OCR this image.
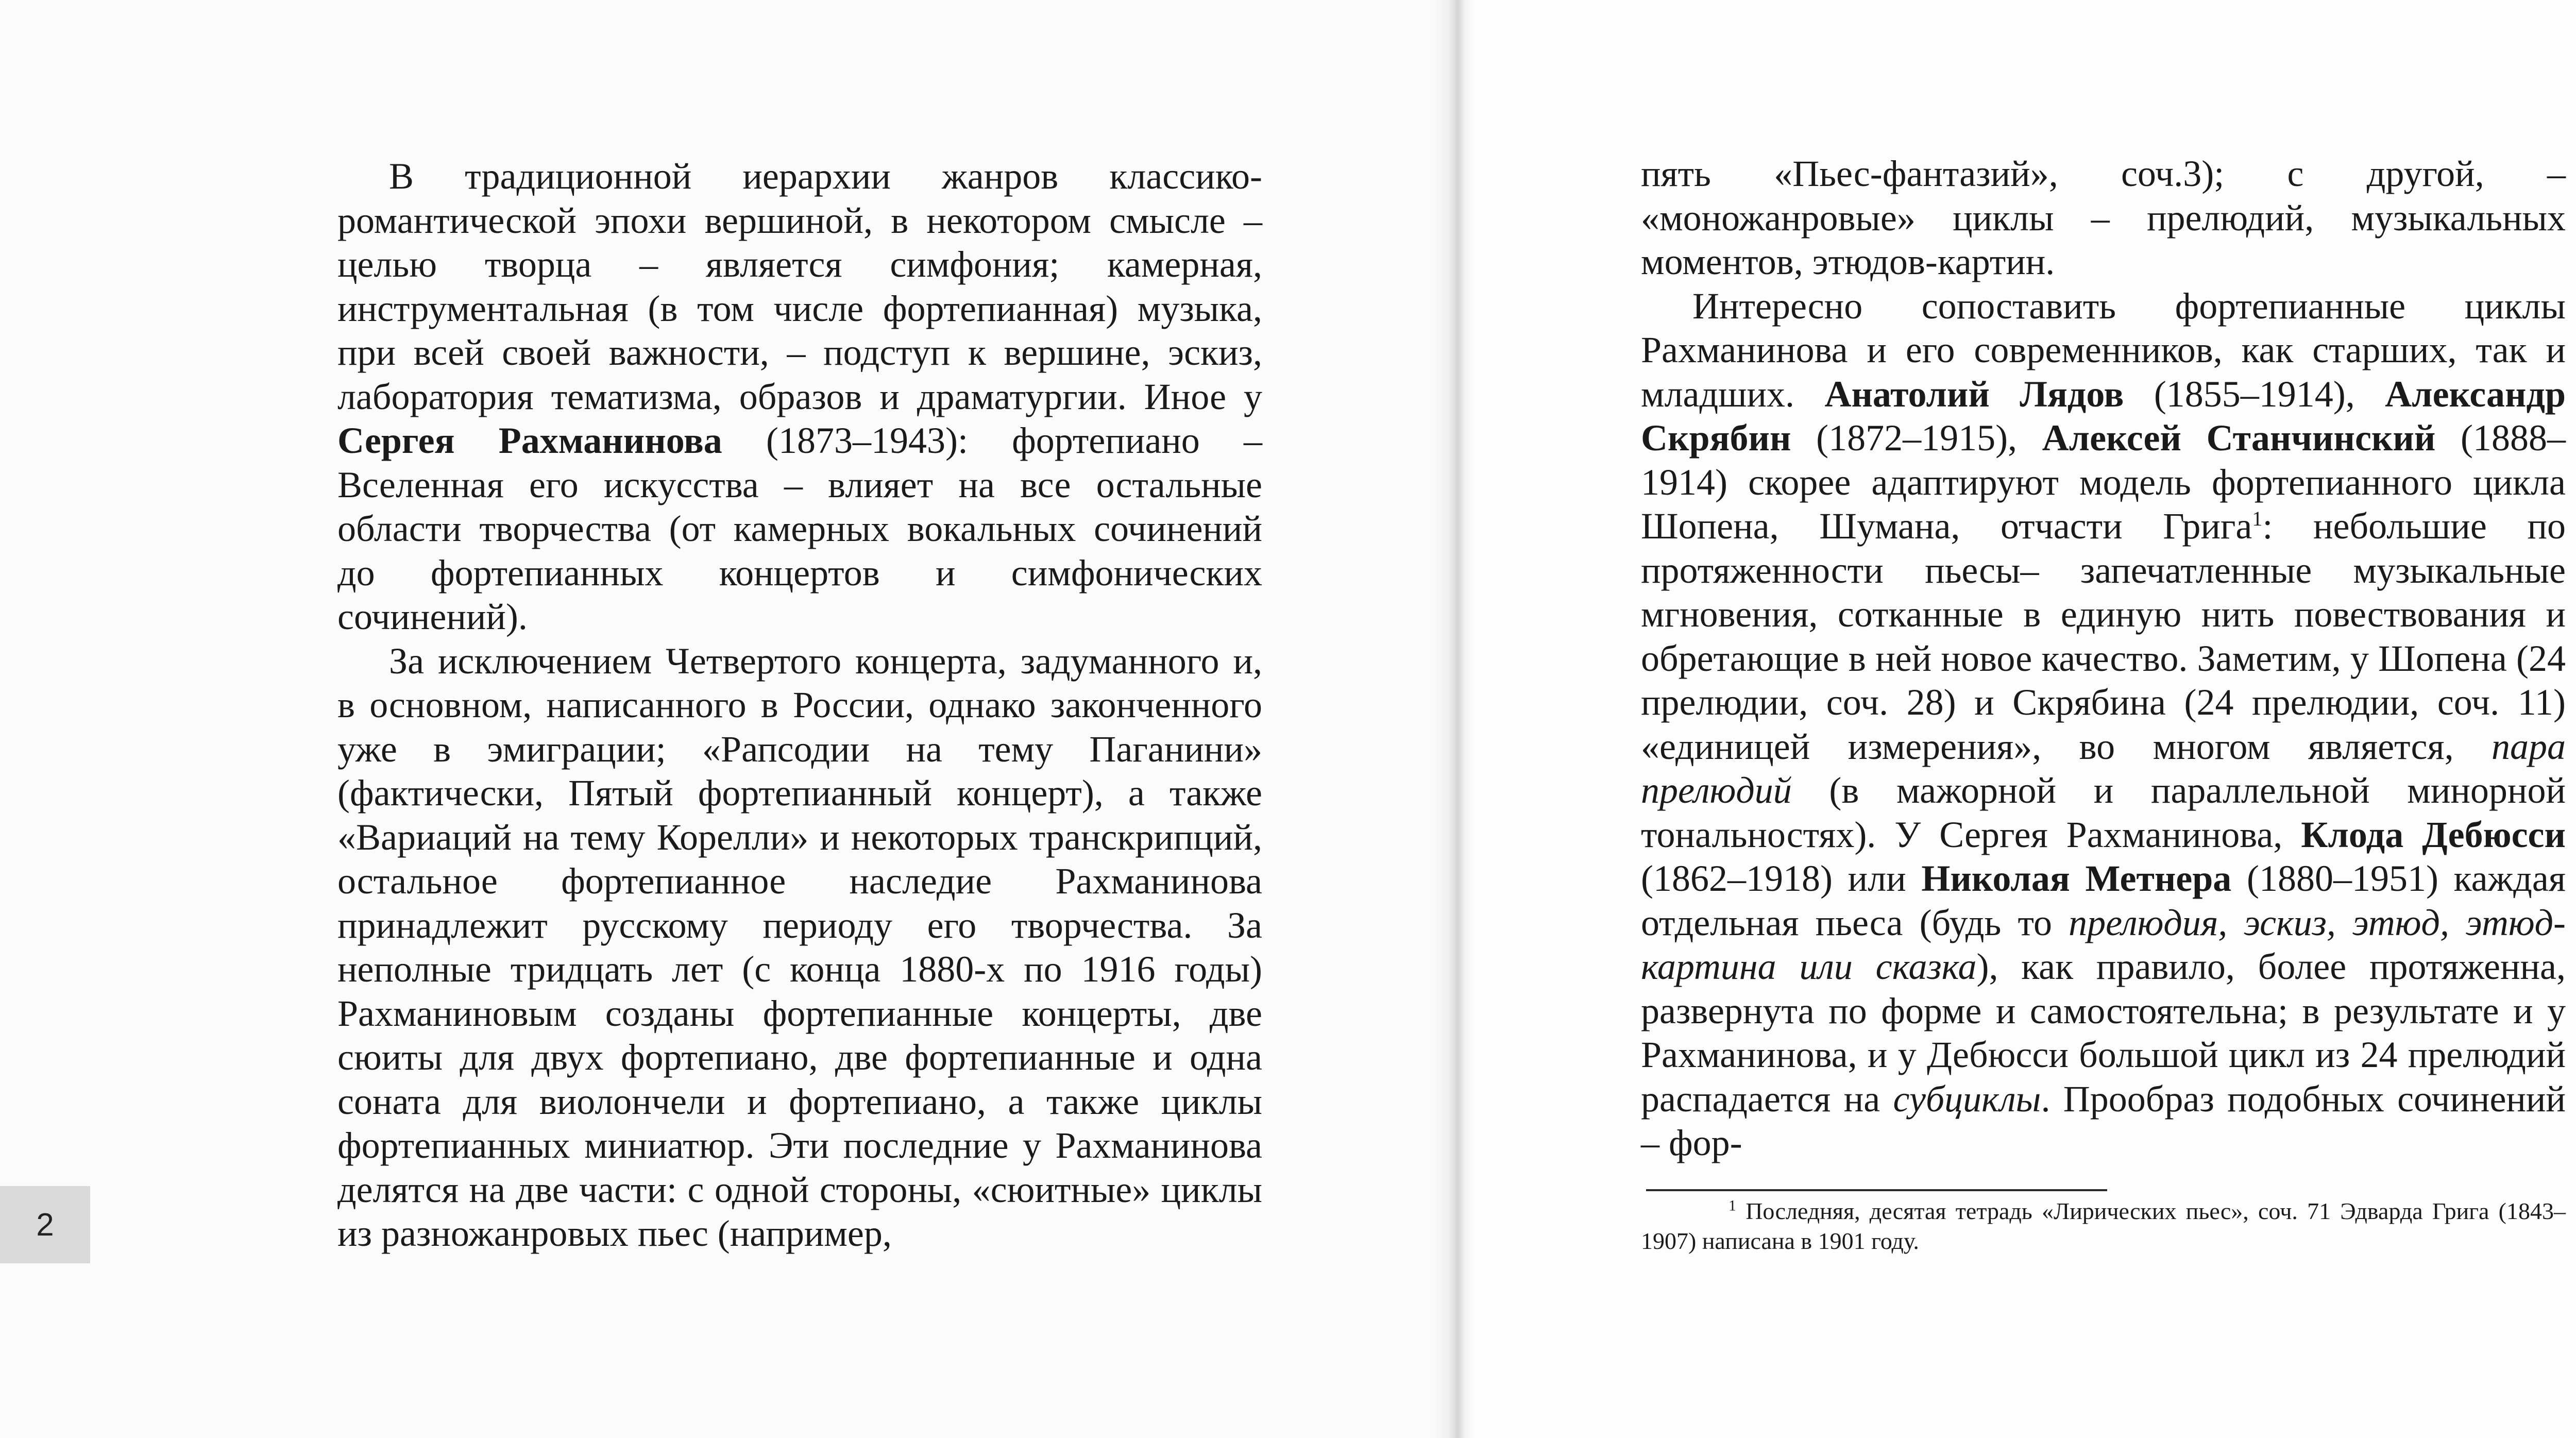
В традиционной иерархии жанров классико-романтической эпохи вершиной, в некотором смысле – целью творца – является симфония; камерная, инструментальная (в том числе фортепианная) музыка, при всей своей важности, – подступ к вершине, эскиз, лаборатория тематизма, образов и драматургии. Иное у Сергея Рахманинова (1873–1943): фортепиано – Вселенная его искусства – влияет на все остальные области творчества (от камерных вокальных сочинений до фортепианных концертов и симфонических сочинений).

За исключением Четвертого концерта, задуманного и, в основном, написанного в России, однако законченного уже в эмиграции; «Рапсодии на тему Паганини» (фактически, Пятый фортепианный концерт), а также «Вариаций на тему Корелли» и некоторых транскрипций, остальное фортепианное наследие Рахманинова принадлежит русскому периоду его творчества. За неполные тридцать лет (с конца 1880-х по 1916 годы) Рахманиновым созданы фортепианные концерты, две сюиты для двух фортепиано, две фортепианные и одна соната для виолончели и фортепиано, а также циклы фортепианных миниатюр. Эти последние у Рахманинова делятся на две части: с одной стороны, «сюитные» циклы из разножанровых пьес (например,

2

пять «Пьес-фантазий», соч.3); с другой, – «моножанровые» циклы – прелюдий, музыкальных моментов, этюдов-картин.

Интересно сопоставить фортепианные циклы Рахманинова и его современников, как старших, так и младших. Анатолий Лядов (1855–1914), Александр Скрябин (1872–1915), Алексей Станчинский (1888–1914) скорее адаптируют модель фортепианного цикла Шопена, Шумана, отчасти Грига$^1$: небольшие по протяженности пьесы– запечатленные музыкальные мгновения, сотканные в единую нить повествования и обретающие в ней новое качество. Заметим, у Шопена (24 прелюдии, соч. 28) и Скрябина (24 прелюдии, соч. 11) «единицей измерения», во многом является, пара прелюдий (в мажорной и параллельной минорной тональностях). У Сергея Рахманинова, Клода Дебюсси (1862–1918) или Николая Метнера (1880–1951) каждая отдельная пьеса (будь то прелюдия, эскиз, этюд, этюд-картина или сказка), как правило, более протяженна, развернута по форме и самостоятельна; в результате и у Рахманинова, и у Дебюсси большой цикл из 24 прелюдий распадается на субциклы. Прообраз подобных сочинений – фор-

$^1$ Последняя, десятая тетрадь «Лирических пьес», соч. 71 Эдварда Грига (1843–1907) написана в 1901 году.
